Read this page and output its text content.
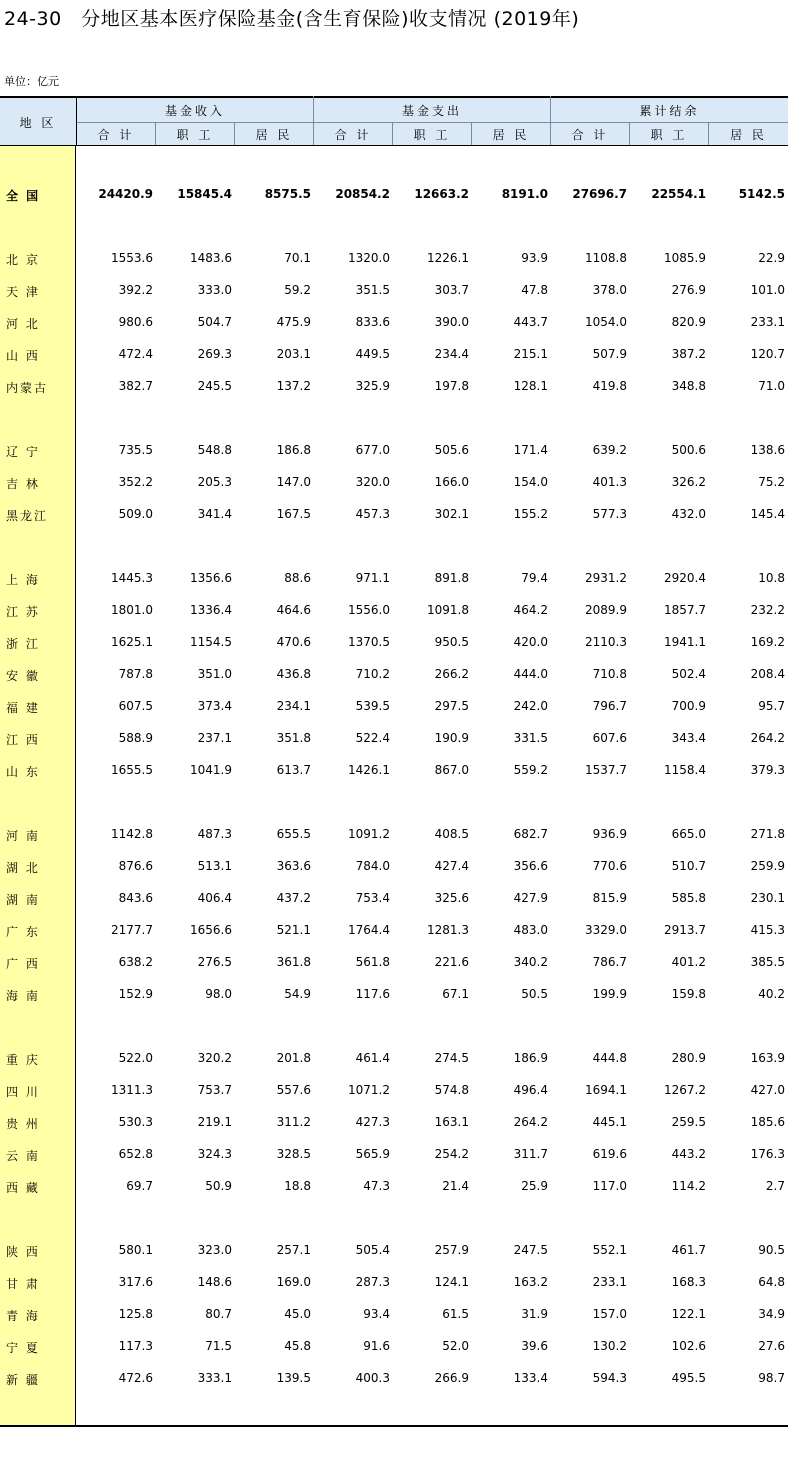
24-30　分地区基本医疗保险基金(含生育保险)收支情况 (2019年)
单位：亿元
地 区
基金收入	基金支出	累计结余
合 计	职 工	居 民	合 计	职 工	居 民	合 计	职 工	居 民
全 国	24420.9	15845.4	8575.5	20854.2	12663.2	8191.0	27696.7	22554.1	5142.5
北 京	1553.6	1483.6	70.1	1320.0	1226.1	93.9	1108.8	1085.9	22.9
天 津	392.2	333.0	59.2	351.5	303.7	47.8	378.0	276.9	101.0
河 北	980.6	504.7	475.9	833.6	390.0	443.7	1054.0	820.9	233.1
山 西	472.4	269.3	203.1	449.5	234.4	215.1	507.9	387.2	120.7
内蒙古	382.7	245.5	137.2	325.9	197.8	128.1	419.8	348.8	71.0
辽 宁	735.5	548.8	186.8	677.0	505.6	171.4	639.2	500.6	138.6
吉 林	352.2	205.3	147.0	320.0	166.0	154.0	401.3	326.2	75.2
黑龙江	509.0	341.4	167.5	457.3	302.1	155.2	577.3	432.0	145.4
上 海	1445.3	1356.6	88.6	971.1	891.8	79.4	2931.2	2920.4	10.8
江 苏	1801.0	1336.4	464.6	1556.0	1091.8	464.2	2089.9	1857.7	232.2
浙 江	1625.1	1154.5	470.6	1370.5	950.5	420.0	2110.3	1941.1	169.2
安 徽	787.8	351.0	436.8	710.2	266.2	444.0	710.8	502.4	208.4
福 建	607.5	373.4	234.1	539.5	297.5	242.0	796.7	700.9	95.7
江 西	588.9	237.1	351.8	522.4	190.9	331.5	607.6	343.4	264.2
山 东	1655.5	1041.9	613.7	1426.1	867.0	559.2	1537.7	1158.4	379.3
河 南	1142.8	487.3	655.5	1091.2	408.5	682.7	936.9	665.0	271.8
湖 北	876.6	513.1	363.6	784.0	427.4	356.6	770.6	510.7	259.9
湖 南	843.6	406.4	437.2	753.4	325.6	427.9	815.9	585.8	230.1
广 东	2177.7	1656.6	521.1	1764.4	1281.3	483.0	3329.0	2913.7	415.3
广 西	638.2	276.5	361.8	561.8	221.6	340.2	786.7	401.2	385.5
海 南	152.9	98.0	54.9	117.6	67.1	50.5	199.9	159.8	40.2
重 庆	522.0	320.2	201.8	461.4	274.5	186.9	444.8	280.9	163.9
四 川	1311.3	753.7	557.6	1071.2	574.8	496.4	1694.1	1267.2	427.0
贵 州	530.3	219.1	311.2	427.3	163.1	264.2	445.1	259.5	185.6
云 南	652.8	324.3	328.5	565.9	254.2	311.7	619.6	443.2	176.3
西 藏	69.7	50.9	18.8	47.3	21.4	25.9	117.0	114.2	2.7
陕 西	580.1	323.0	257.1	505.4	257.9	247.5	552.1	461.7	90.5
甘 肃	317.6	148.6	169.0	287.3	124.1	163.2	233.1	168.3	64.8
青 海	125.8	80.7	45.0	93.4	61.5	31.9	157.0	122.1	34.9
宁 夏	117.3	71.5	45.8	91.6	52.0	39.6	130.2	102.6	27.6
新 疆	472.6	333.1	139.5	400.3	266.9	133.4	594.3	495.5	98.7
